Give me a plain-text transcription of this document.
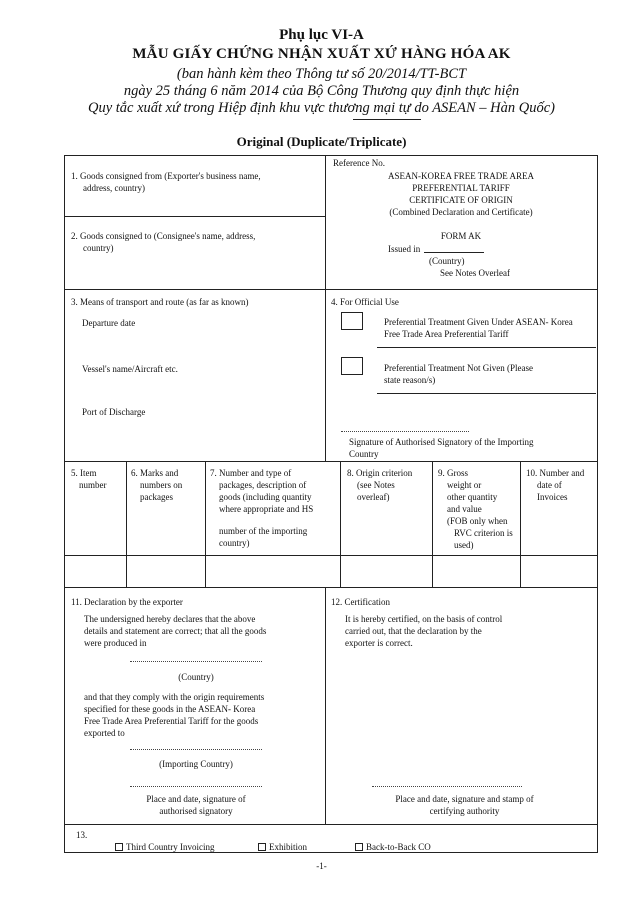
Phụ lục VI-A
MẪU GIẤY CHỨNG NHẬN XUẤT XỨ HÀNG HÓA AK
(ban hành kèm theo Thông tư số 20/2014/TT-BCT
ngày 25 tháng 6 năm 2014 của Bộ Công Thương quy định thực hiện
Quy tắc xuất xứ trong Hiệp định khu vực thương mại tự do ASEAN – Hàn Quốc)
Original (Duplicate/Triplicate)
1. Goods consigned from (Exporter's business name,
address, country)
2. Goods consigned to (Consignee's name, address,
country)
Reference No.
ASEAN-KOREA FREE TRADE AREA
PREFERENTIAL TARIFF
CERTIFICATE OF ORIGIN
(Combined Declaration and Certificate)
FORM AK
Issued in
(Country)
See Notes Overleaf
3. Means of transport and route (as far as known)
Departure date
Vessel's name/Aircraft etc.
Port of Discharge
4. For Official Use
Preferential Treatment Given Under ASEAN- Korea
Free Trade Area Preferential Tariff
Preferential Treatment Not Given (Please
state reason/s)
Signature of Authorised Signatory of the Importing
Country
5. Item
number
6. Marks and
numbers on
packages
7. Number and type of
packages, description of
goods (including quantity
where appropriate and HS
number of the importing
country)
8. Origin criterion
(see Notes
overleaf)
9. Gross
weight or
other quantity
and value
(FOB only when
RVC criterion is
used)
10. Number and
date of
Invoices
11. Declaration by the exporter
The undersigned hereby declares that the above
details and statement are correct; that all the goods
were produced in
(Country)
and that they comply with the origin requirements
specified for these goods in the ASEAN- Korea
Free Trade Area Preferential Tariff for the goods
exported to
(Importing Country)
Place and date, signature of
authorised signatory
12. Certification
It is hereby certified, on the basis of control
carried out, that the declaration by the
exporter is correct.
Place and date, signature and stamp of
certifying authority
13.
Third Country Invoicing	Exhibition	Back-to-Back CO
-1-
